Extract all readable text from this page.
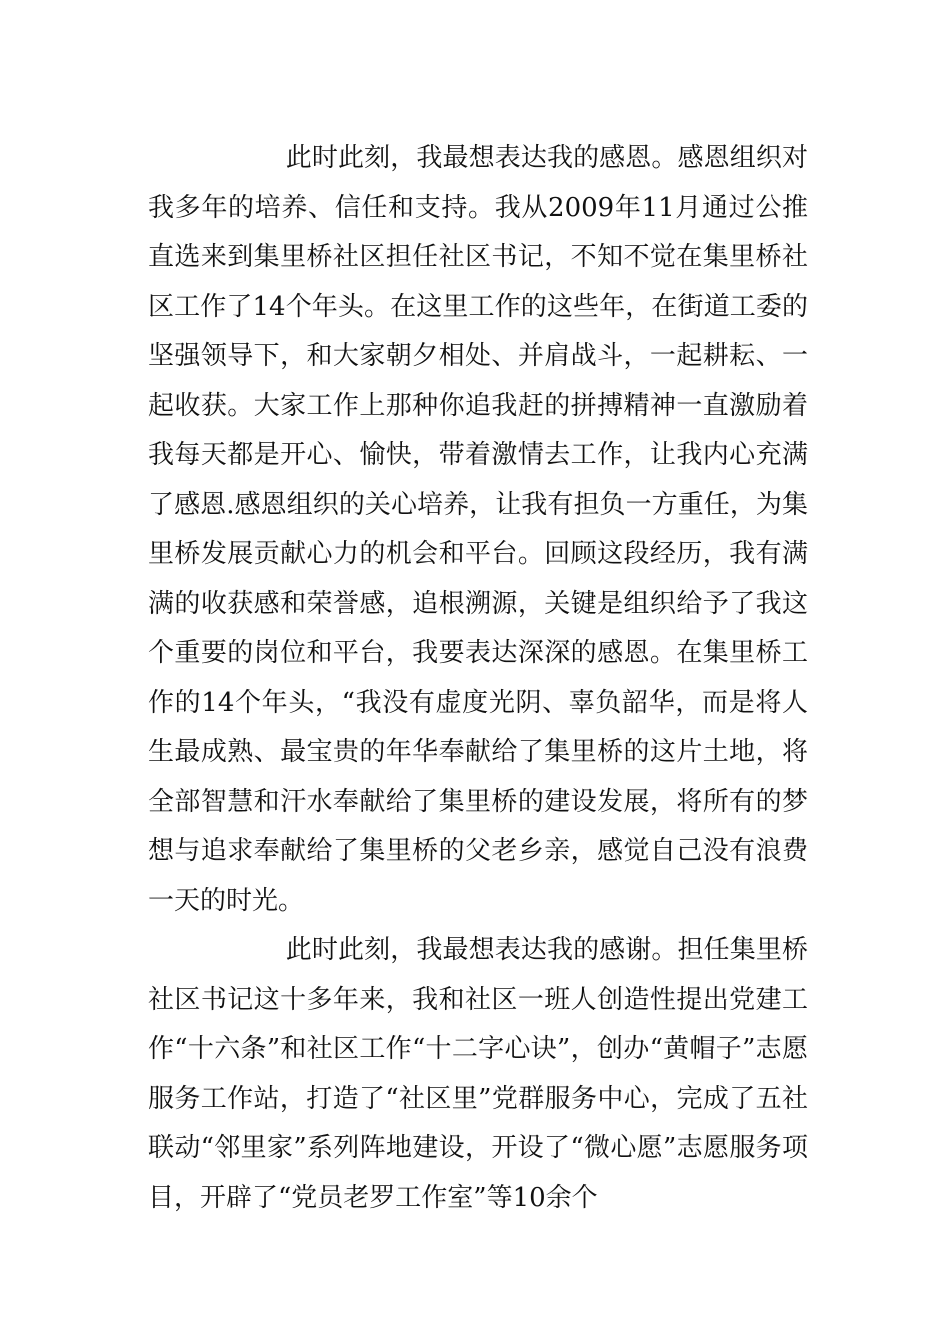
此时此刻，我最想表达我的感恩。感恩组织对我多年的培养、信任和支持。我从2009年11月通过公推直选来到集里桥社区担任社区书记，不知不觉在集里桥社区工作了14个年头。在这里工作的这些年，在街道工委的坚强领导下，和大家朝夕相处、并肩战斗，一起耕耘、一起收获。大家工作上那种你追我赶的拼搏精神一直激励着我每天都是开心、愉快，带着激情去工作，让我内心充满了感恩.感恩组织的关心培养，让我有担负一方重任，为集里桥发展贡献心力的机会和平台。回顾这段经历，我有满满的收获感和荣誉感，追根溯源，关键是组织给予了我这个重要的岗位和平台，我要表达深深的感恩。在集里桥工作的14个年头，“我没有虚度光阴、辜负韶华，而是将人生最成熟、最宝贵的年华奉献给了集里桥的这片土地，将全部智慧和汗水奉献给了集里桥的建设发展，将所有的梦想与追求奉献给了集里桥的父老乡亲，感觉自己没有浪费一天的时光。

此时此刻，我最想表达我的感谢。担任集里桥社区书记这十多年来，我和社区一班人创造性提出党建工作“十六条”和社区工作“十二字心诀”，创办“黄帽子”志愿服务工作站，打造了“社区里”党群服务中心，完成了五社联动“邻里家”系列阵地建设，开设了“微心愿”志愿服务项目，开辟了“党员老罗工作室”等10余个
